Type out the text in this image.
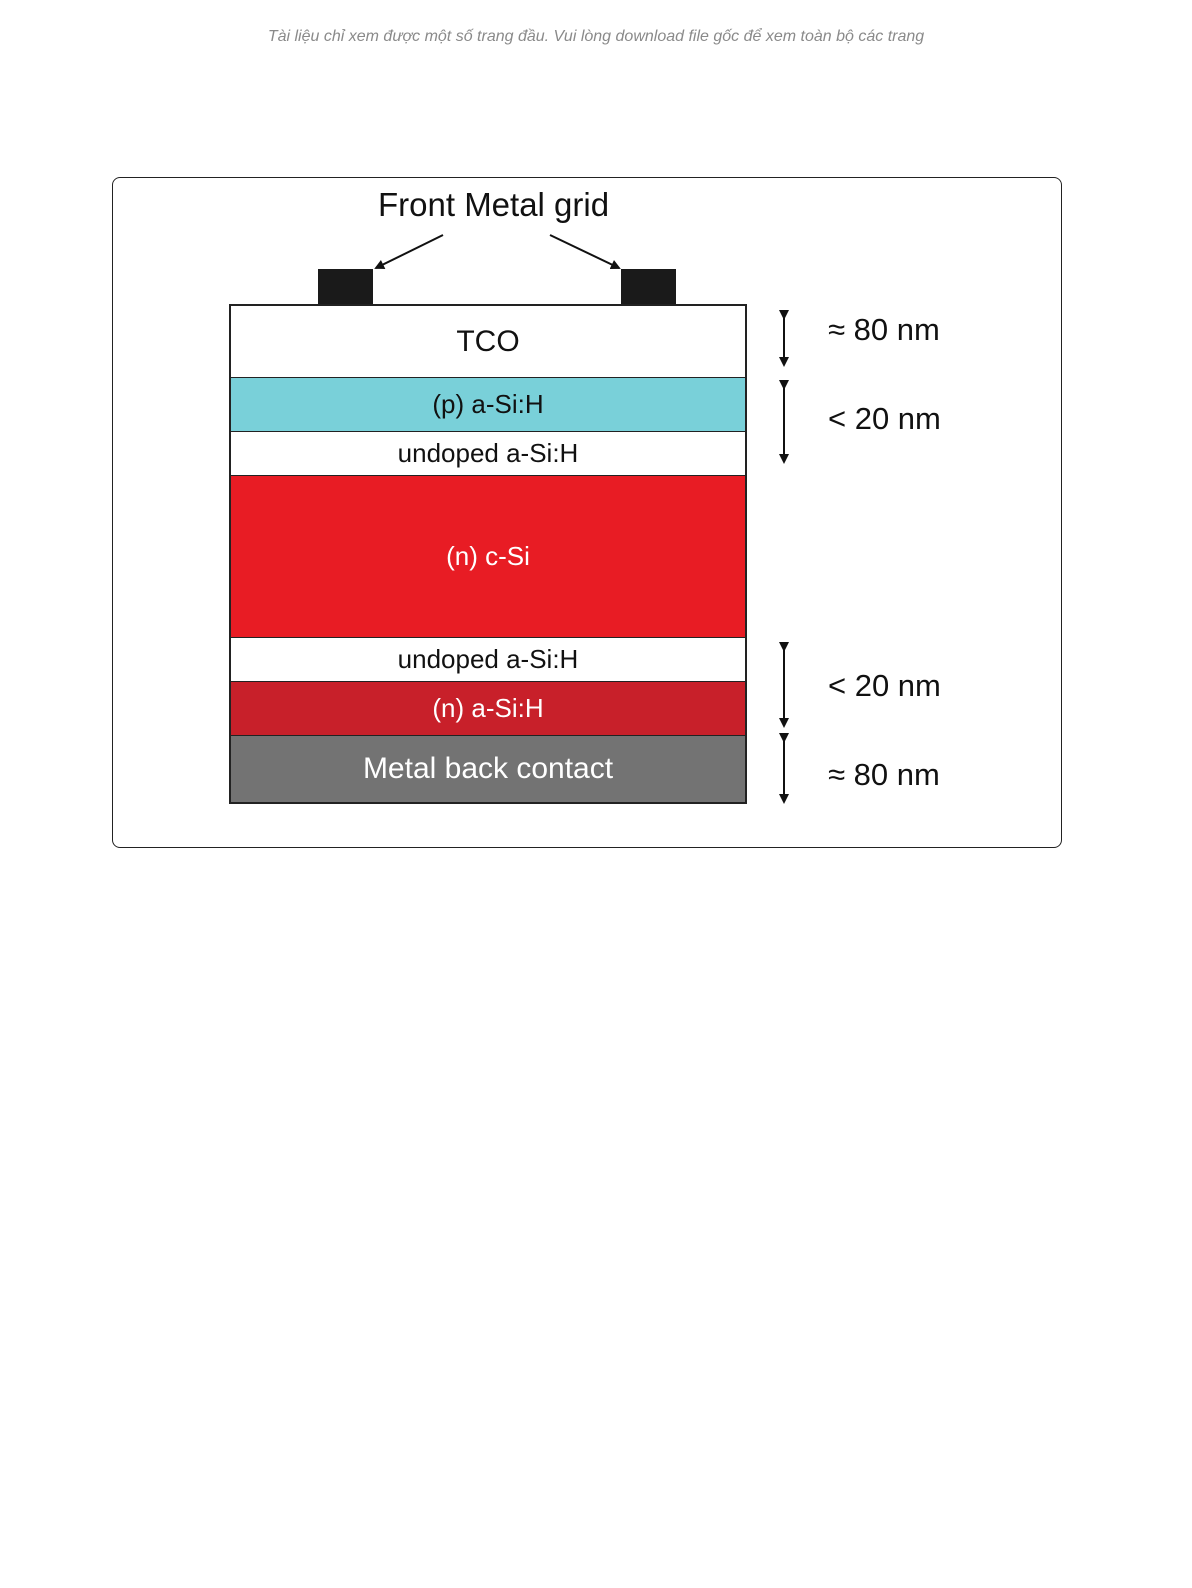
Tài liệu chỉ xem được một số trang đầu. Vui lòng download file gốc để xem toàn bộ các trang
Front Metal grid
TCO
(p) a-Si:H
undoped a-Si:H
(n) c-Si
undoped a-Si:H
(n) a-Si:H
Metal back contact
≈ 80 nm
< 20 nm
< 20 nm
≈ 80 nm
